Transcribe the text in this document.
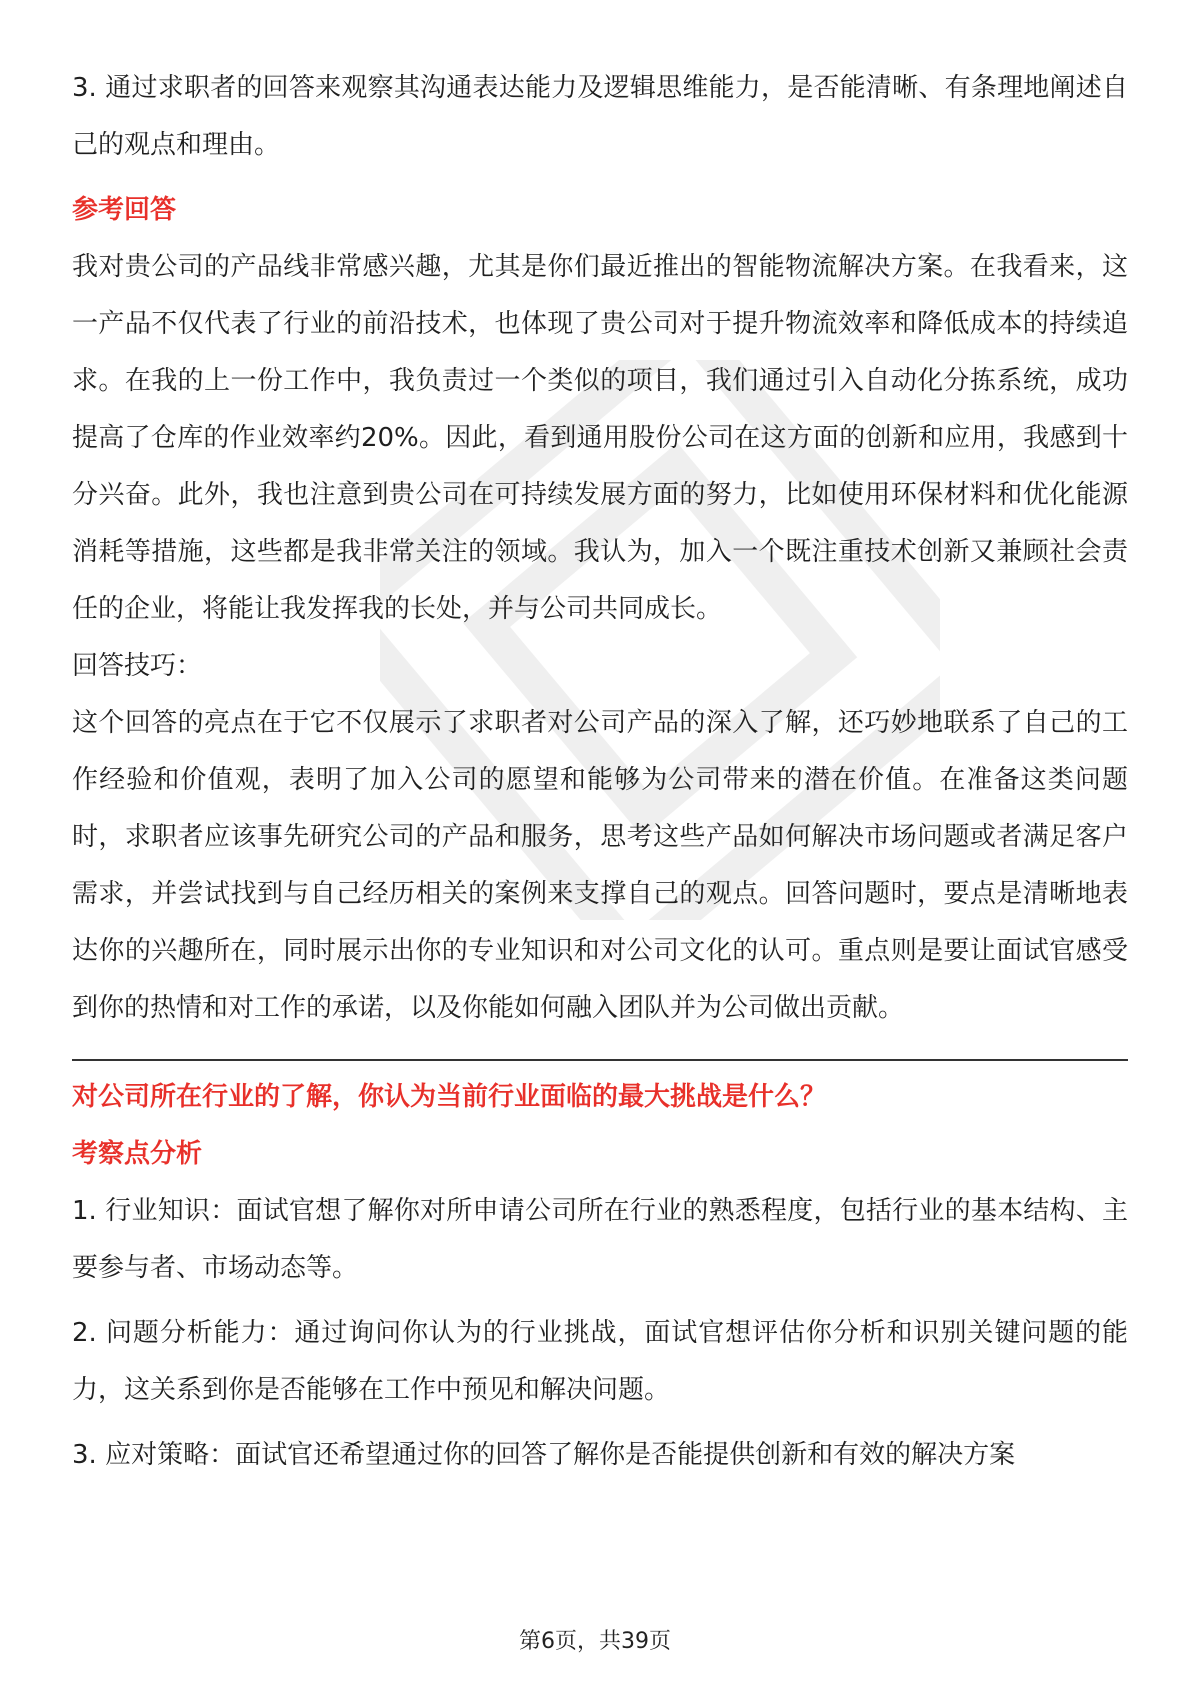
3. 通过求职者的回答来观察其沟通表达能力及逻辑思维能力，是否能清晰、有条理地阐述自己的观点和理由。

参考回答

我对贵公司的产品线非常感兴趣，尤其是你们最近推出的智能物流解决方案。在我看来，这一产品不仅代表了行业的前沿技术，也体现了贵公司对于提升物流效率和降低成本的持续追求。在我的上一份工作中，我负责过一个类似的项目，我们通过引入自动化分拣系统，成功提高了仓库的作业效率约20%。因此，看到通用股份公司在这方面的创新和应用，我感到十分兴奋。此外，我也注意到贵公司在可持续发展方面的努力，比如使用环保材料和优化能源消耗等措施，这些都是我非常关注的领域。我认为，加入一个既注重技术创新又兼顾社会责任的企业，将能让我发挥我的长处，并与公司共同成长。

回答技巧：

这个回答的亮点在于它不仅展示了求职者对公司产品的深入了解，还巧妙地联系了自己的工作经验和价值观，表明了加入公司的愿望和能够为公司带来的潜在价值。在准备这类问题时，求职者应该事先研究公司的产品和服务，思考这些产品如何解决市场问题或者满足客户需求，并尝试找到与自己经历相关的案例来支撑自己的观点。回答问题时，要点是清晰地表达你的兴趣所在，同时展示出你的专业知识和对公司文化的认可。重点则是要让面试官感受到你的热情和对工作的承诺，以及你能如何融入团队并为公司做出贡献。

对公司所在行业的了解，你认为当前行业面临的最大挑战是什么？

考察点分析

1. 行业知识：面试官想了解你对所申请公司所在行业的熟悉程度，包括行业的基本结构、主要参与者、市场动态等。

2. 问题分析能力：通过询问你认为的行业挑战，面试官想评估你分析和识别关键问题的能力，这关系到你是否能够在工作中预见和解决问题。

3. 应对策略：面试官还希望通过你的回答了解你是否能提供创新和有效的解决方案

第6页，共39页
